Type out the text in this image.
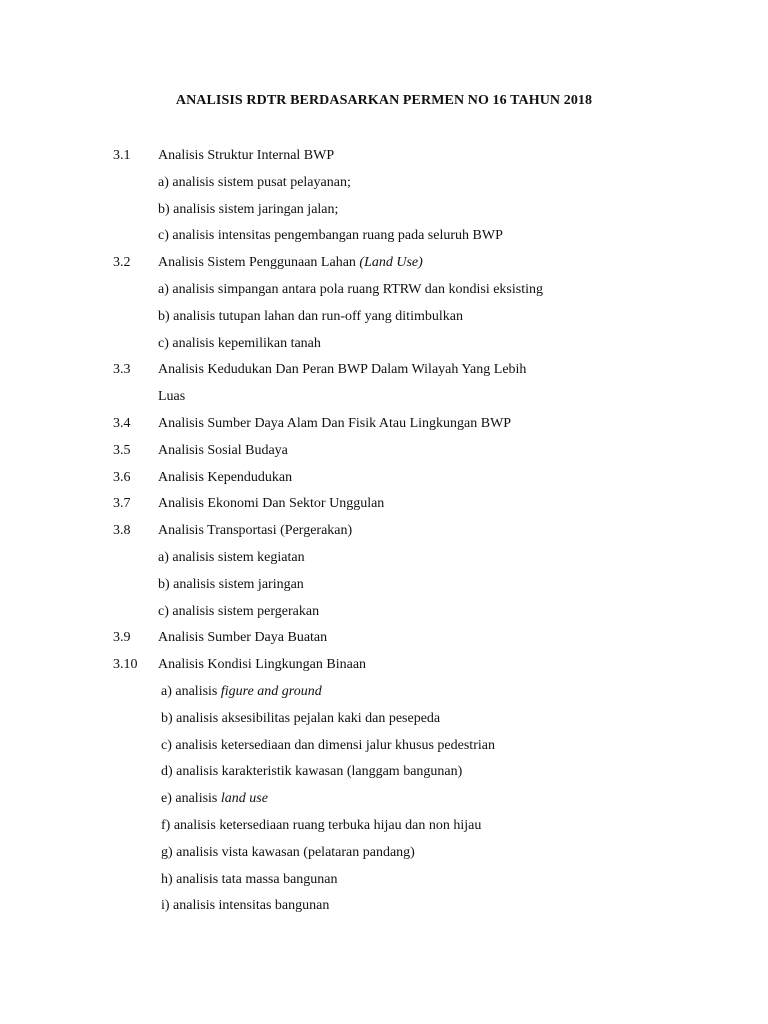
ANALISIS RDTR BERDASARKAN PERMEN NO 16 TAHUN 2018
3.1 Analisis Struktur Internal BWP
a) analisis sistem pusat pelayanan;
b) analisis sistem jaringan jalan;
c) analisis intensitas pengembangan ruang pada seluruh BWP
3.2 Analisis Sistem Penggunaan Lahan (Land Use)
a) analisis simpangan antara pola ruang RTRW dan kondisi eksisting
b) analisis tutupan lahan dan run-off yang ditimbulkan
c) analisis kepemilikan tanah
3.3 Analisis Kedudukan Dan Peran BWP Dalam Wilayah Yang Lebih
Luas
3.4 Analisis Sumber Daya Alam Dan Fisik Atau Lingkungan BWP
3.5 Analisis Sosial Budaya
3.6 Analisis Kependudukan
3.7 Analisis Ekonomi Dan Sektor Unggulan
3.8 Analisis Transportasi (Pergerakan)
a) analisis sistem kegiatan
b) analisis sistem jaringan
c) analisis sistem pergerakan
3.9 Analisis Sumber Daya Buatan
3.10 Analisis Kondisi Lingkungan Binaan
a) analisis figure and ground
b) analisis aksesibilitas pejalan kaki dan pesepeda
c) analisis ketersediaan dan dimensi jalur khusus pedestrian
d) analisis karakteristik kawasan (langgam bangunan)
e) analisis land use
f) analisis ketersediaan ruang terbuka hijau dan non hijau
g) analisis vista kawasan (pelataran pandang)
h) analisis tata massa bangunan
i) analisis intensitas bangunan
